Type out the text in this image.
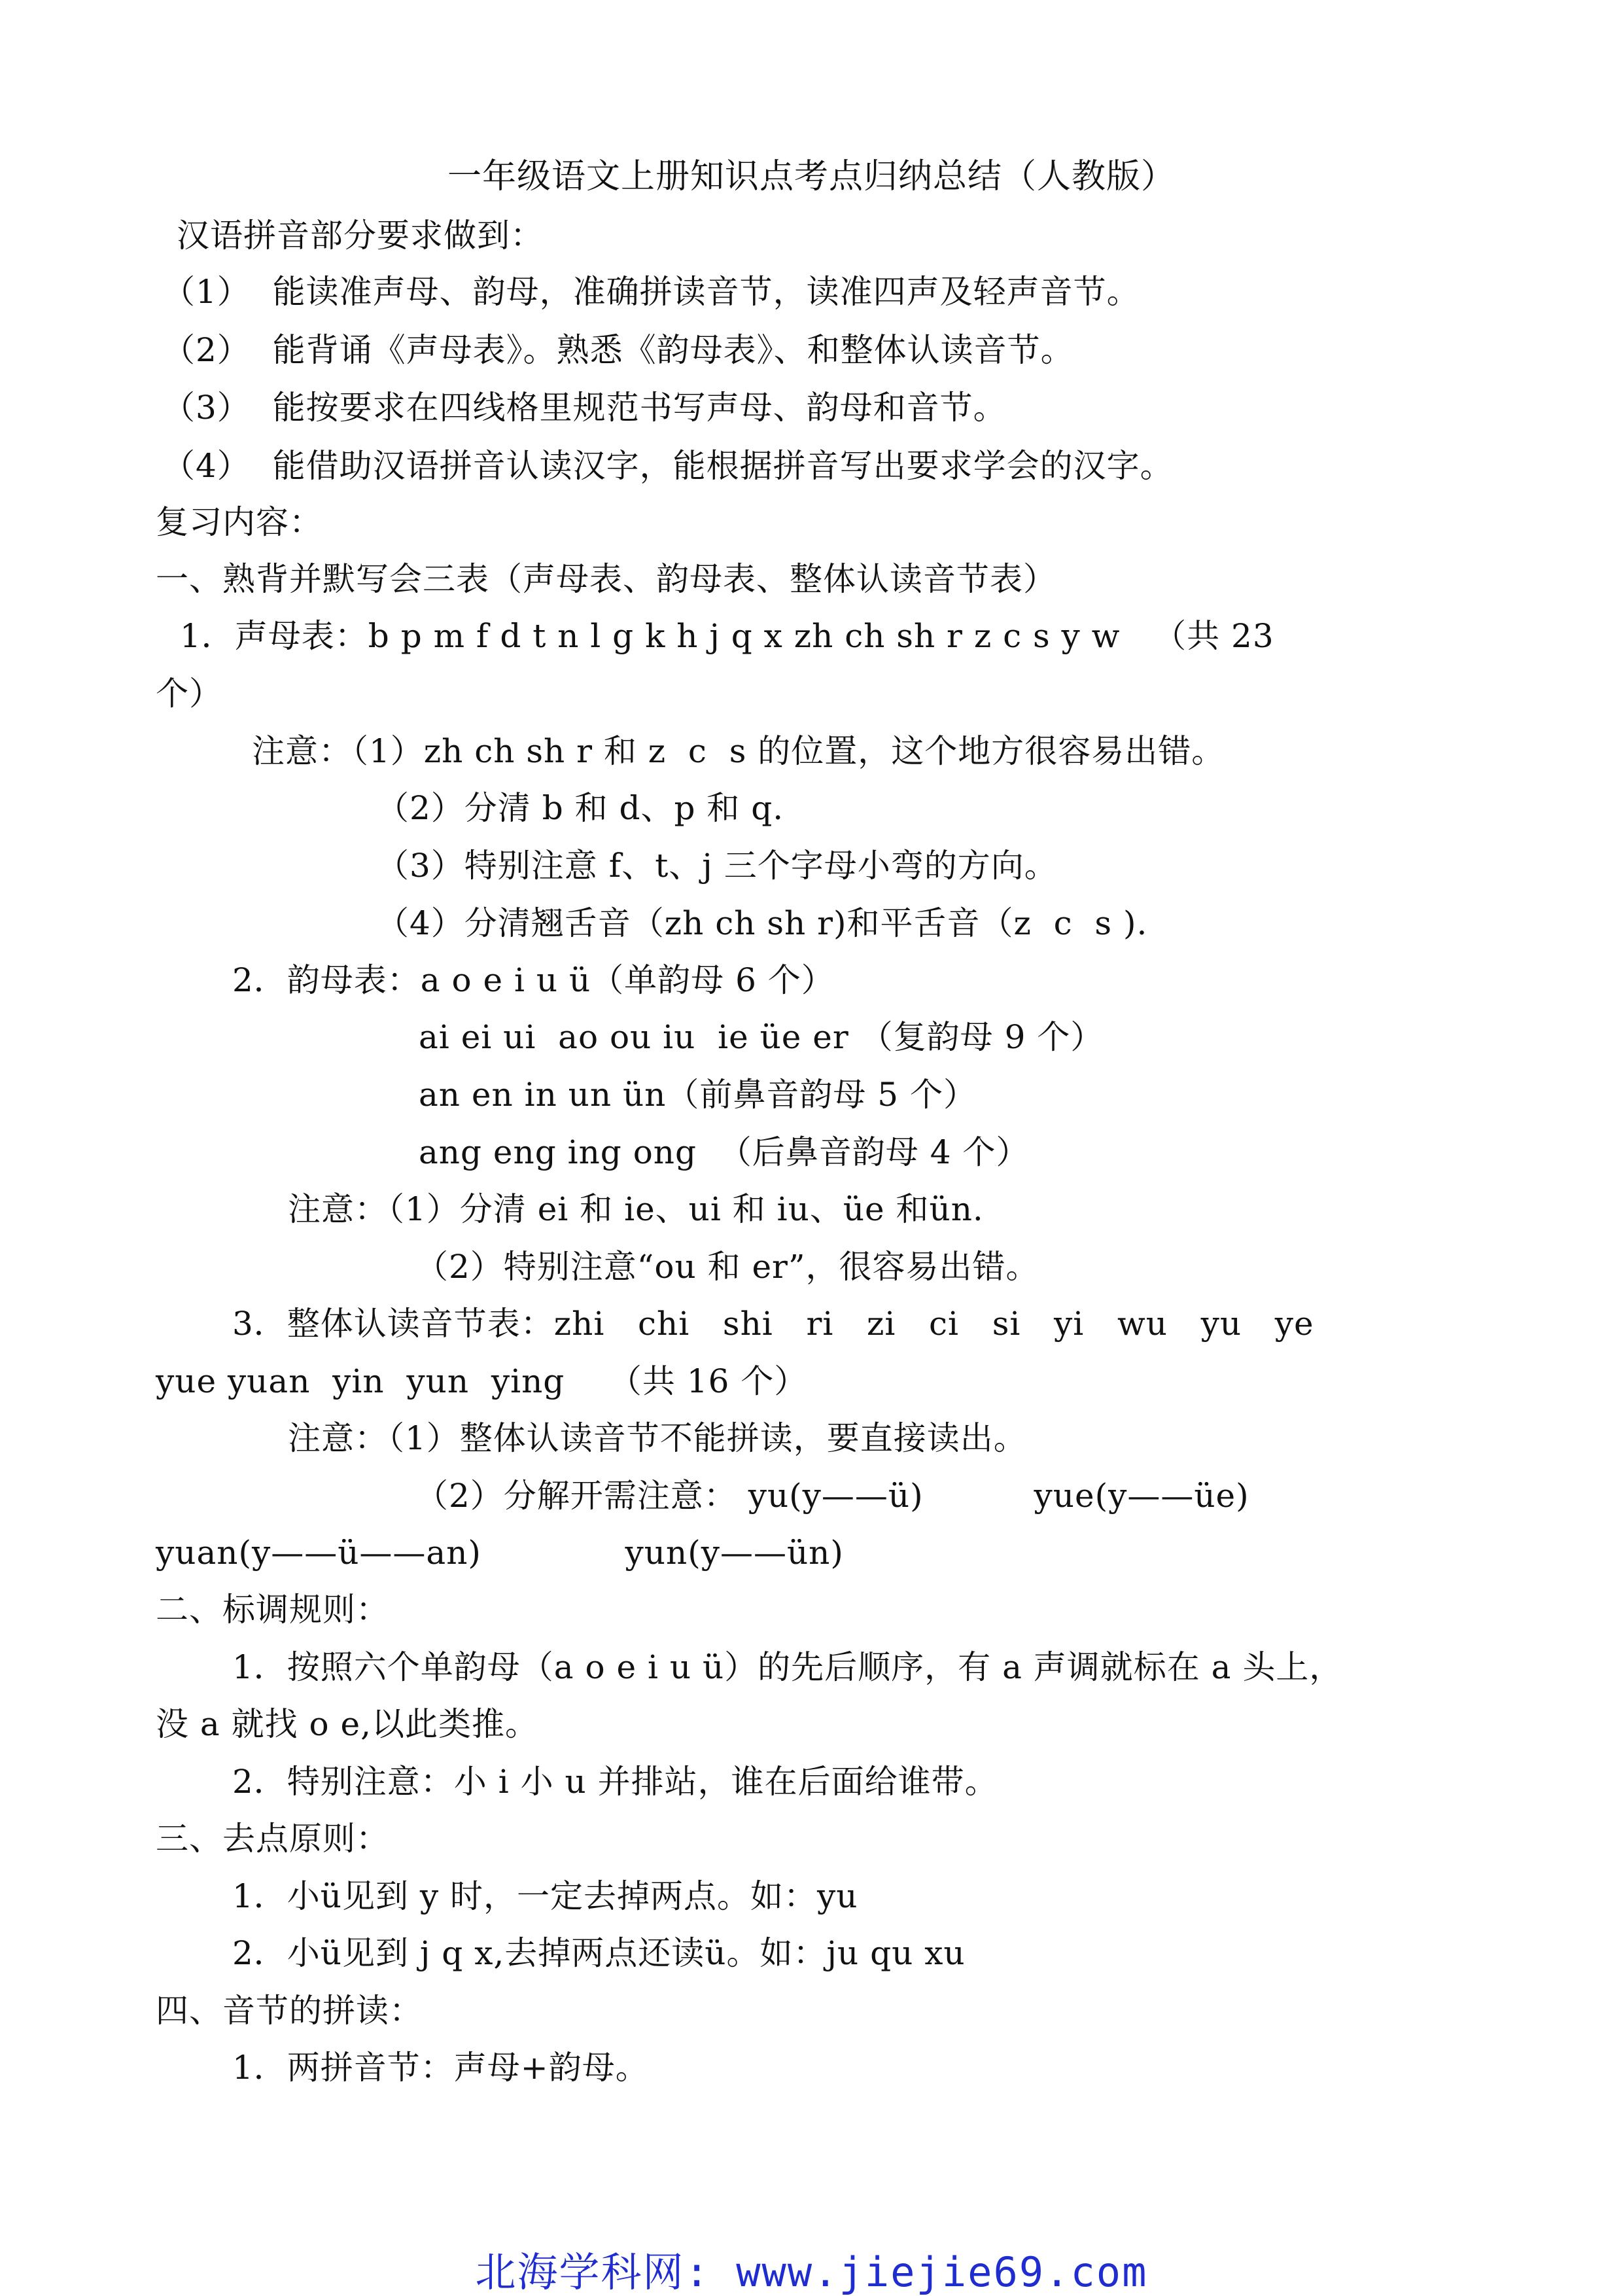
一年级语文上册知识点考点归纳总结（人教版）
汉语拼音部分要求做到：
（1）  能读准声母、韵母，准确拼读音节，读准四声及轻声音节。
（2）  能背诵《声母表》。熟悉《韵母表》、和整体认读音节。
（3）  能按要求在四线格里规范书写声母、韵母和音节。
（4）  能借助汉语拼音认读汉字，能根据拼音写出要求学会的汉字。
复习内容：
一、熟背并默写会三表（声母表、韵母表、整体认读音节表）
1．声母表：b p m f d t n l g k h j q x zh ch sh r z c s y w   （共 23
个）
注意：（1）zh ch sh r 和 z  c  s 的位置，这个地方很容易出错。
（2）分清 b 和 d、p 和 q.
（3）特别注意 f、t、j 三个字母小弯的方向。
（4）分清翘舌音（zh ch sh r)和平舌音（z  c  s ).
2．韵母表：a o e i u ü（单韵母 6 个）
ai ei ui  ao ou iu  ie üe er （复韵母 9 个）
an en in un ün（前鼻音韵母 5 个）
ang eng ing ong  （后鼻音韵母 4 个）
注意：（1）分清 ei 和 ie、ui 和 iu、üe 和ün.
（2）特别注意“ou 和 er”，很容易出错。
3．整体认读音节表：zhi   chi   shi   ri   zi   ci   si   yi   wu   yu   ye
yue yuan  yin  yun  ying    （共 16 个）
注意：（1）整体认读音节不能拼读，要直接读出。
（2）分解开需注意： yu(y——ü)          yue(y——üe)
yuan(y——ü——an)             yun(y——ün)
二、标调规则：
1．按照六个单韵母（a o e i u ü）的先后顺序，有 a 声调就标在 a 头上，
没 a 就找 o e,以此类推。
2．特别注意：小 i 小 u 并排站，谁在后面给谁带。
三、去点原则：
1．小ü见到 y 时，一定去掉两点。如：yu
2．小ü见到 j q x,去掉两点还读ü。如：ju qu xu
四、音节的拼读：
1．两拼音节：声母+韵母。
北海学科网: www.jiejie69.com
